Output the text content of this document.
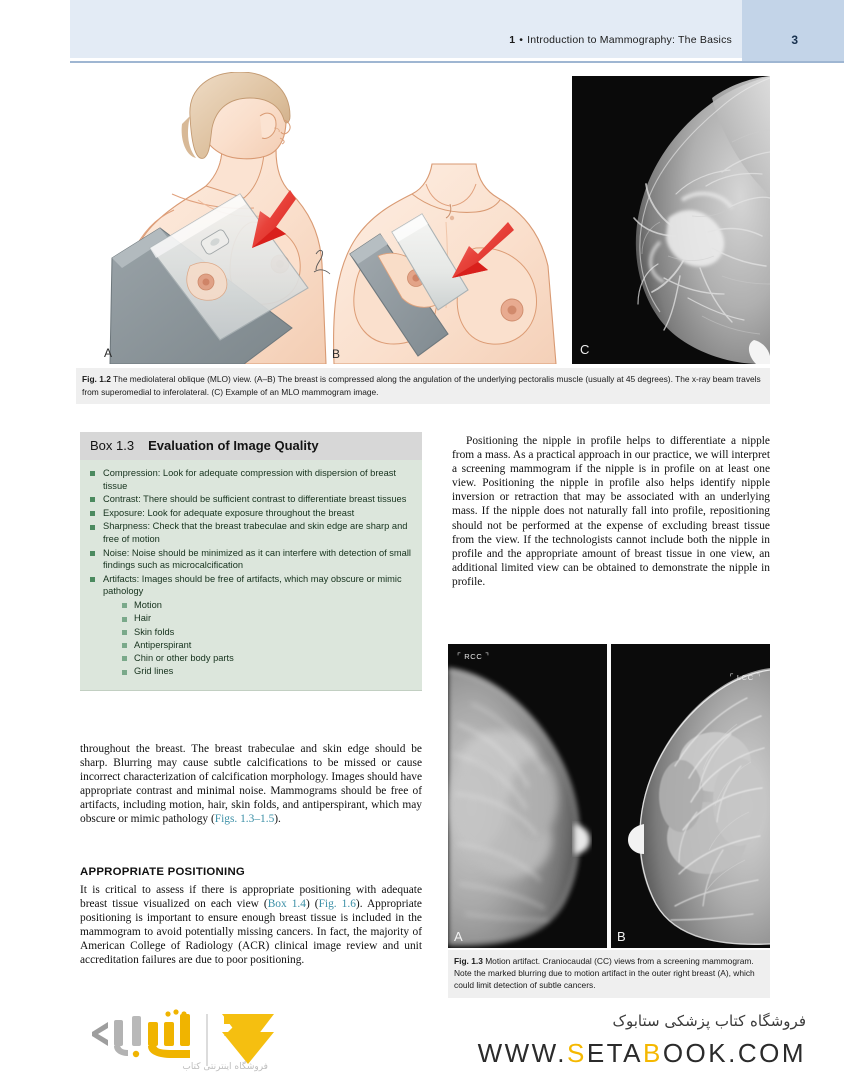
1 • Introduction to Mammography: The Basics	3
A	B	C
Fig. 1.2 The mediolateral oblique (MLO) view. (A–B) The breast is compressed along the angulation of the underlying pectoralis muscle (usually at 45 degrees). The x-ray beam travels from superomedial to inferolateral. (C) Example of an MLO mammogram image.
Box 1.3 Evaluation of Image Quality
Compression: Look for adequate compression with dispersion of breast tissue
Contrast: There should be sufficient contrast to differentiate breast tissues
Exposure: Look for adequate exposure throughout the breast
Sharpness: Check that the breast trabeculae and skin edge are sharp and free of motion
Noise: Noise should be minimized as it can interfere with detection of small findings such as microcalcification
Artifacts: Images should be free of artifacts, which may obscure or mimic pathology
Motion
Hair
Skin folds
Antiperspirant
Chin or other body parts
Grid lines

Positioning the nipple in profile helps to differentiate a nipple from a mass. As a practical approach in our practice, we will interpret a screening mammogram if the nipple is in profile on at least one view. Positioning the nipple in profile also helps identify nipple inversion or retraction that may be associated with an underlying mass. If the nipple does not naturally fall into profile, repositioning should not be performed at the expense of excluding breast tissue from the view. If the technologists cannot include both the nipple in profile and the appropriate amount of breast tissue in one view, an additional limited view can be obtained to demonstrate the nipple in profile.

throughout the breast. The breast trabeculae and skin edge should be sharp. Blurring may cause subtle calcifications to be missed or cause incorrect characterization of calcification morphology. Images should have appropriate contrast and minimal noise. Mammograms should be free of artifacts, including motion, hair, skin folds, and antiperspirant, which may obscure or mimic pathology (Figs. 1.3–1.5).

APPROPRIATE POSITIONING

It is critical to assess if there is appropriate positioning with adequate breast tissue visualized on each view (Box 1.4) (Fig. 1.6). Appropriate positioning is important to ensure enough breast tissue is included in the mammogram to avoid potentially missing cancers. In fact, the majority of American College of Radiology (ACR) clinical image review and unit accreditation failures are due to poor positioning.

⌜ RCC ⌝
A
⌜ LCC ⌝
B
Fig. 1.3 Motion artifact. Craniocaudal (CC) views from a screening mammogram. Note the marked blurring due to motion artifact in the outer right breast (A), which could limit detection of subtle cancers.
فروشگاه اینترنتی کتاب
فروشگاه کتاب پزشکی ستابوک
WWW.SETABOOK.COM
